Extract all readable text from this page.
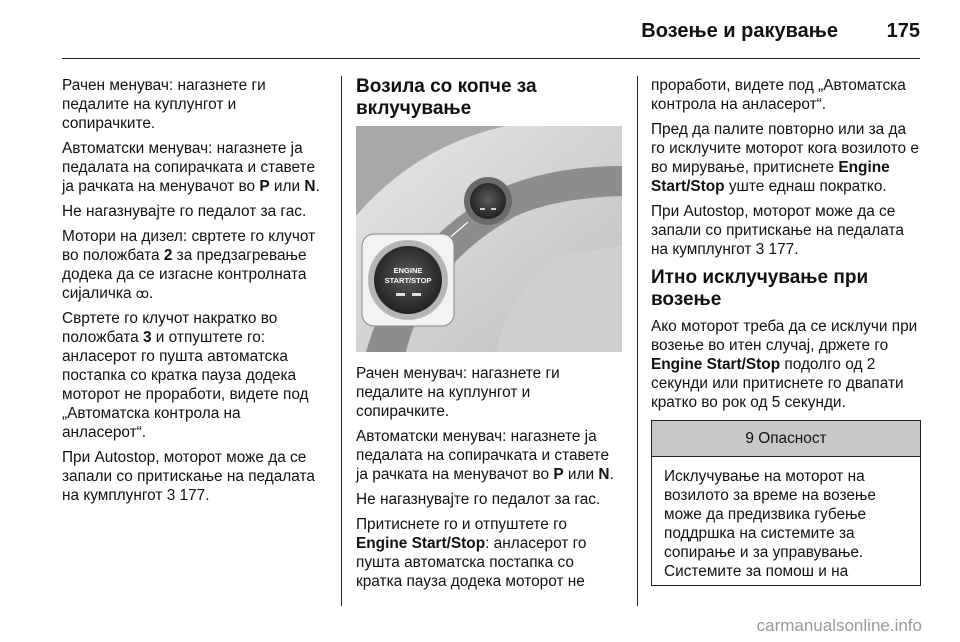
Возење и ракување 175

Рачен менувач: нагазнете ги педалите на куплунгот и сопирачките.

Автоматски менувач: нагазнете ја педалата на сопирачката и ставете ја рачката на менувачот во P или N.

Не нагазнувајте го педалот за гас.

Мотори на дизел: свртете го клучот во положбата 2 за предзагревање додека да се изгасне контролната сијаличка ꝏ.

Свртете го клучот накратко во положбата 3 и отпуштете го: анласерот го пушта автоматска постапка со кратка пауза додека моторот не проработи, видете под „Автоматска контрола на анласерот“.

При Autostop, моторот може да се запали со притискање на педалата на кумплунгот 3 177.

Возила со копче за вклучување
ENGINE
START/STOP

Рачен менувач: нагазнете ги педалите на куплунгот и сопирачките.

Автоматски менувач: нагазнете ја педалата на сопирачката и ставете ја рачката на менувачот во P или N.

Не нагазнувајте го педалот за гас.

Притиснете го и отпуштете го Engine Start/Stop: анласерот го пушта автоматска постапка со кратка пауза додека моторот не

проработи, видете под „Автоматска контрола на анласерот“.

Пред да палите повторно или за да го исклучите моторот кога возилото е во мирување, притиснете Engine Start/Stop уште еднаш пократко.

При Autostop, моторот може да се запали со притискање на педалата на кумплунгот 3 177.

Итно исклучување при возење

Ако моторот треба да се исклучи при возење во итен случај, држете го Engine Start/Stop подолго од 2 секунди или притиснете го двапати кратко во рок од 5 секунди.

9 Опасност
Исклучување на моторот на возилото за време на возење може да предизвика губење поддршка на системите за сопирање и за управување. Системите за помош и на
carmanualsonline.info
